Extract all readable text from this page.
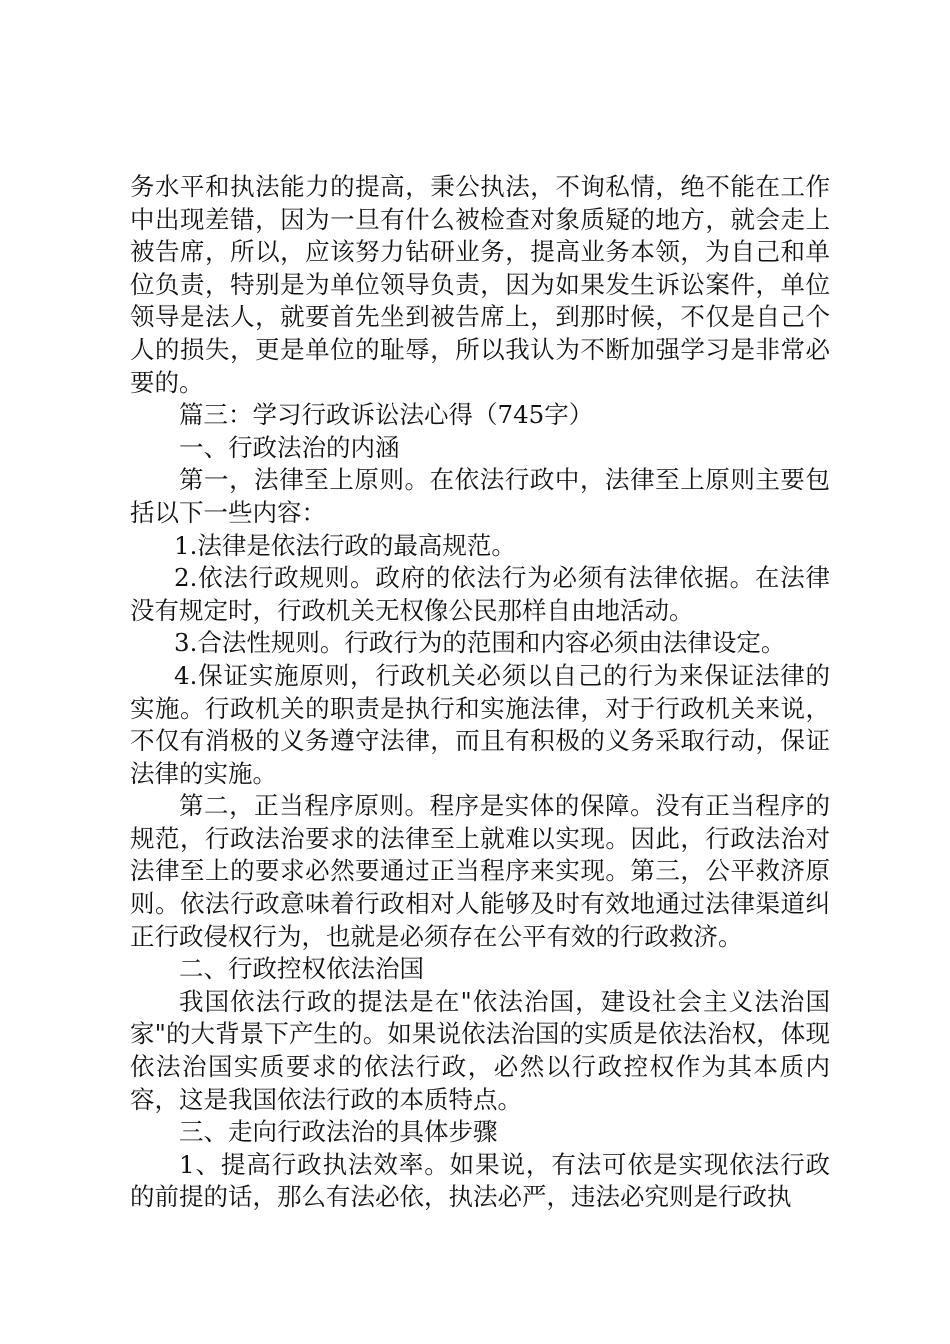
务水平和执法能力的提高，秉公执法，不询私情，绝不能在工作中出现差错，因为一旦有什么被检查对象质疑的地方，就会走上被告席，所以，应该努力钻研业务，提高业务本领，为自己和单位负责，特别是为单位领导负责，因为如果发生诉讼案件，单位领导是法人，就要首先坐到被告席上，到那时候，不仅是自己个人的损失，更是单位的耻辱，所以我认为不断加强学习是非常必要的。

篇三：学习行政诉讼法心得（745字）

一、行政法治的内涵

第一，法律至上原则。在依法行政中，法律至上原则主要包括以下一些内容：

1.法律是依法行政的最高规范。

2.依法行政规则。政府的依法行为必须有法律依据。在法律没有规定时，行政机关无权像公民那样自由地活动。

3.合法性规则。行政行为的范围和内容必须由法律设定。

4.保证实施原则，行政机关必须以自己的行为来保证法律的实施。行政机关的职责是执行和实施法律，对于行政机关来说，不仅有消极的义务遵守法律，而且有积极的义务采取行动，保证法律的实施。

第二，正当程序原则。程序是实体的保障。没有正当程序的规范，行政法治要求的法律至上就难以实现。因此，行政法治对法律至上的要求必然要通过正当程序来实现。第三，公平救济原则。依法行政意味着行政相对人能够及时有效地通过法律渠道纠正行政侵权行为，也就是必须存在公平有效的行政救济。

二、行政控权依法治国

我国依法行政的提法是在"依法治国，建设社会主义法治国家"的大背景下产生的。如果说依法治国的实质是依法治权，体现依法治国实质要求的依法行政，必然以行政控权作为其本质内容，这是我国依法行政的本质特点。

三、走向行政法治的具体步骤

1、提高行政执法效率。如果说，有法可依是实现依法行政的前提的话，那么有法必依，执法必严，违法必究则是行政执
